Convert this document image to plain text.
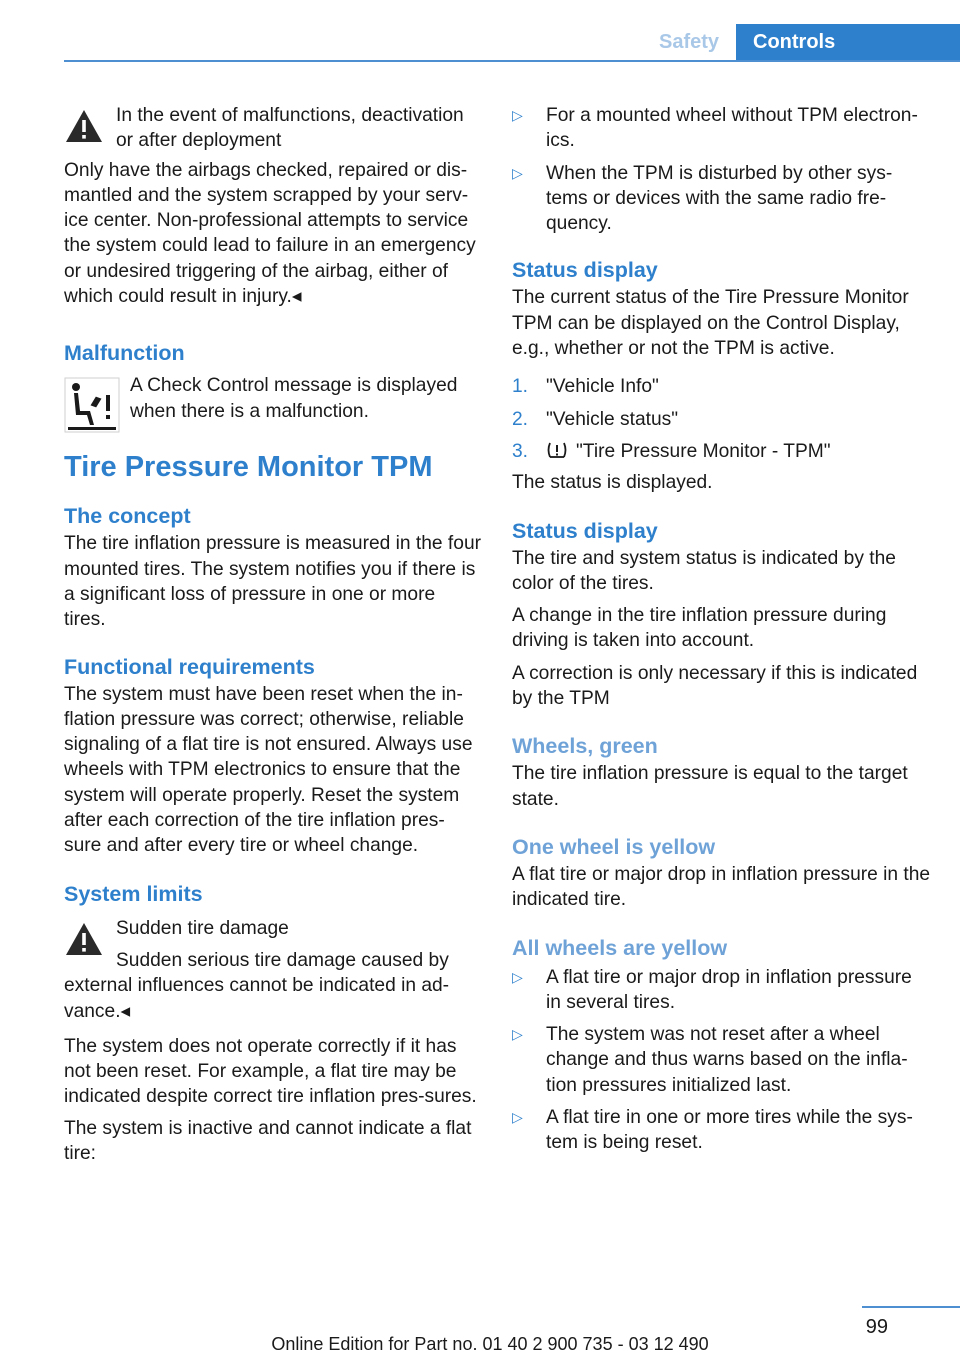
Safety	Controls

In the event of malfunctions, deactivation or after deployment

Only have the airbags checked, repaired or dis-mantled and the system scrapped by your serv-ice center. Non-professional attempts to service the system could lead to failure in an emergency or undesired triggering of the airbag, either of which could result in injury.◂

Malfunction

A Check Control message is displayed when there is a malfunction.

Tire Pressure Monitor TPM
The concept

The tire inflation pressure is measured in the four mounted tires. The system notifies you if there is a significant loss of pressure in one or more tires.

Functional requirements

The system must have been reset when the in-flation pressure was correct; otherwise, reliable signaling of a flat tire is not ensured. Always use wheels with TPM electronics to ensure that the system will operate properly. Reset the system after each correction of the tire inflation pres-sure and after every tire or wheel change.

System limits

Sudden tire damage

Sudden serious tire damage caused by external influences cannot be indicated in ad-vance.◂

The system does not operate correctly if it has not been reset. For example, a flat tire may be indicated despite correct tire inflation pres-sures.

The system is inactive and cannot indicate a flat tire:

▷ For a mounted wheel without TPM electron-ics.
▷ When the TPM is disturbed by other sys-tems or devices with the same radio fre-quency.
Status display

The current status of the Tire Pressure Monitor TPM can be displayed on the Control Display, e.g., whether or not the TPM is active.

1. "Vehicle Info"
2. "Vehicle status"
3. "Tire Pressure Monitor - TPM"

The status is displayed.

Status display

The tire and system status is indicated by the color of the tires.

A change in the tire inflation pressure during driving is taken into account.

A correction is only necessary if this is indicated by the TPM

Wheels, green

The tire inflation pressure is equal to the target state.

One wheel is yellow

A flat tire or major drop in inflation pressure in the indicated tire.

All wheels are yellow
▷ A flat tire or major drop in inflation pressure in several tires.
▷ The system was not reset after a wheel change and thus warns based on the infla-tion pressures initialized last.
▷ A flat tire in one or more tires while the sys-tem is being reset.
99
Online Edition for Part no. 01 40 2 900 735 - 03 12 490
